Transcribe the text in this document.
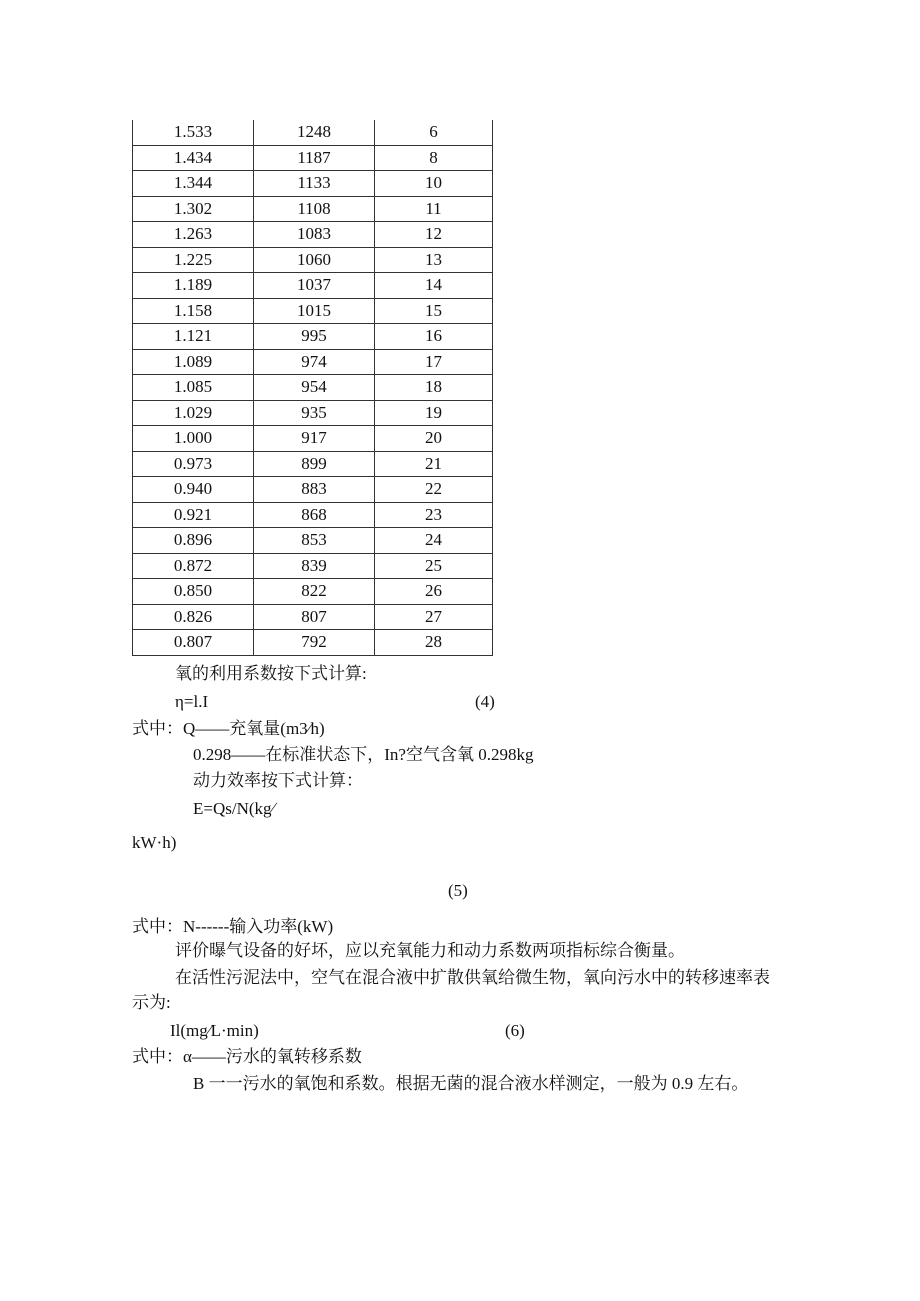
1.533	1248	6
1.434	1187	8
1.344	1133	10
1.302	1108	11
1.263	1083	12
1.225	1060	13
1.189	1037	14
1.158	1015	15
1.121	995	16
1.089	974	17
1.085	954	18
1.029	935	19
1.000	917	20
0.973	899	21
0.940	883	22
0.921	868	23
0.896	853	24
0.872	839	25
0.850	822	26
0.826	807	27
0.807	792	28
氧的利用系数按下式计算:
η=l.I	(4)
式中：Q——充氧量(m3∕h)
0.298——在标准状态下，In?空气含氧 0.298kg
动力效率按下式计算：
E=Qs/N(kg∕
kW·h)
(5)
式中：N------输入功率(kW)
评价曝气设备的好坏，应以充氧能力和动力系数两项指标综合衡量。
在活性污泥法中，空气在混合液中扩散供氧给微生物，氧向污水中的转移速率表
示为:
Il(mg∕L·min)	(6)
式中：α——污水的氧转移系数
B 一一污水的氧饱和系数。根据无菌的混合液水样测定，一般为 0.9 左右。
